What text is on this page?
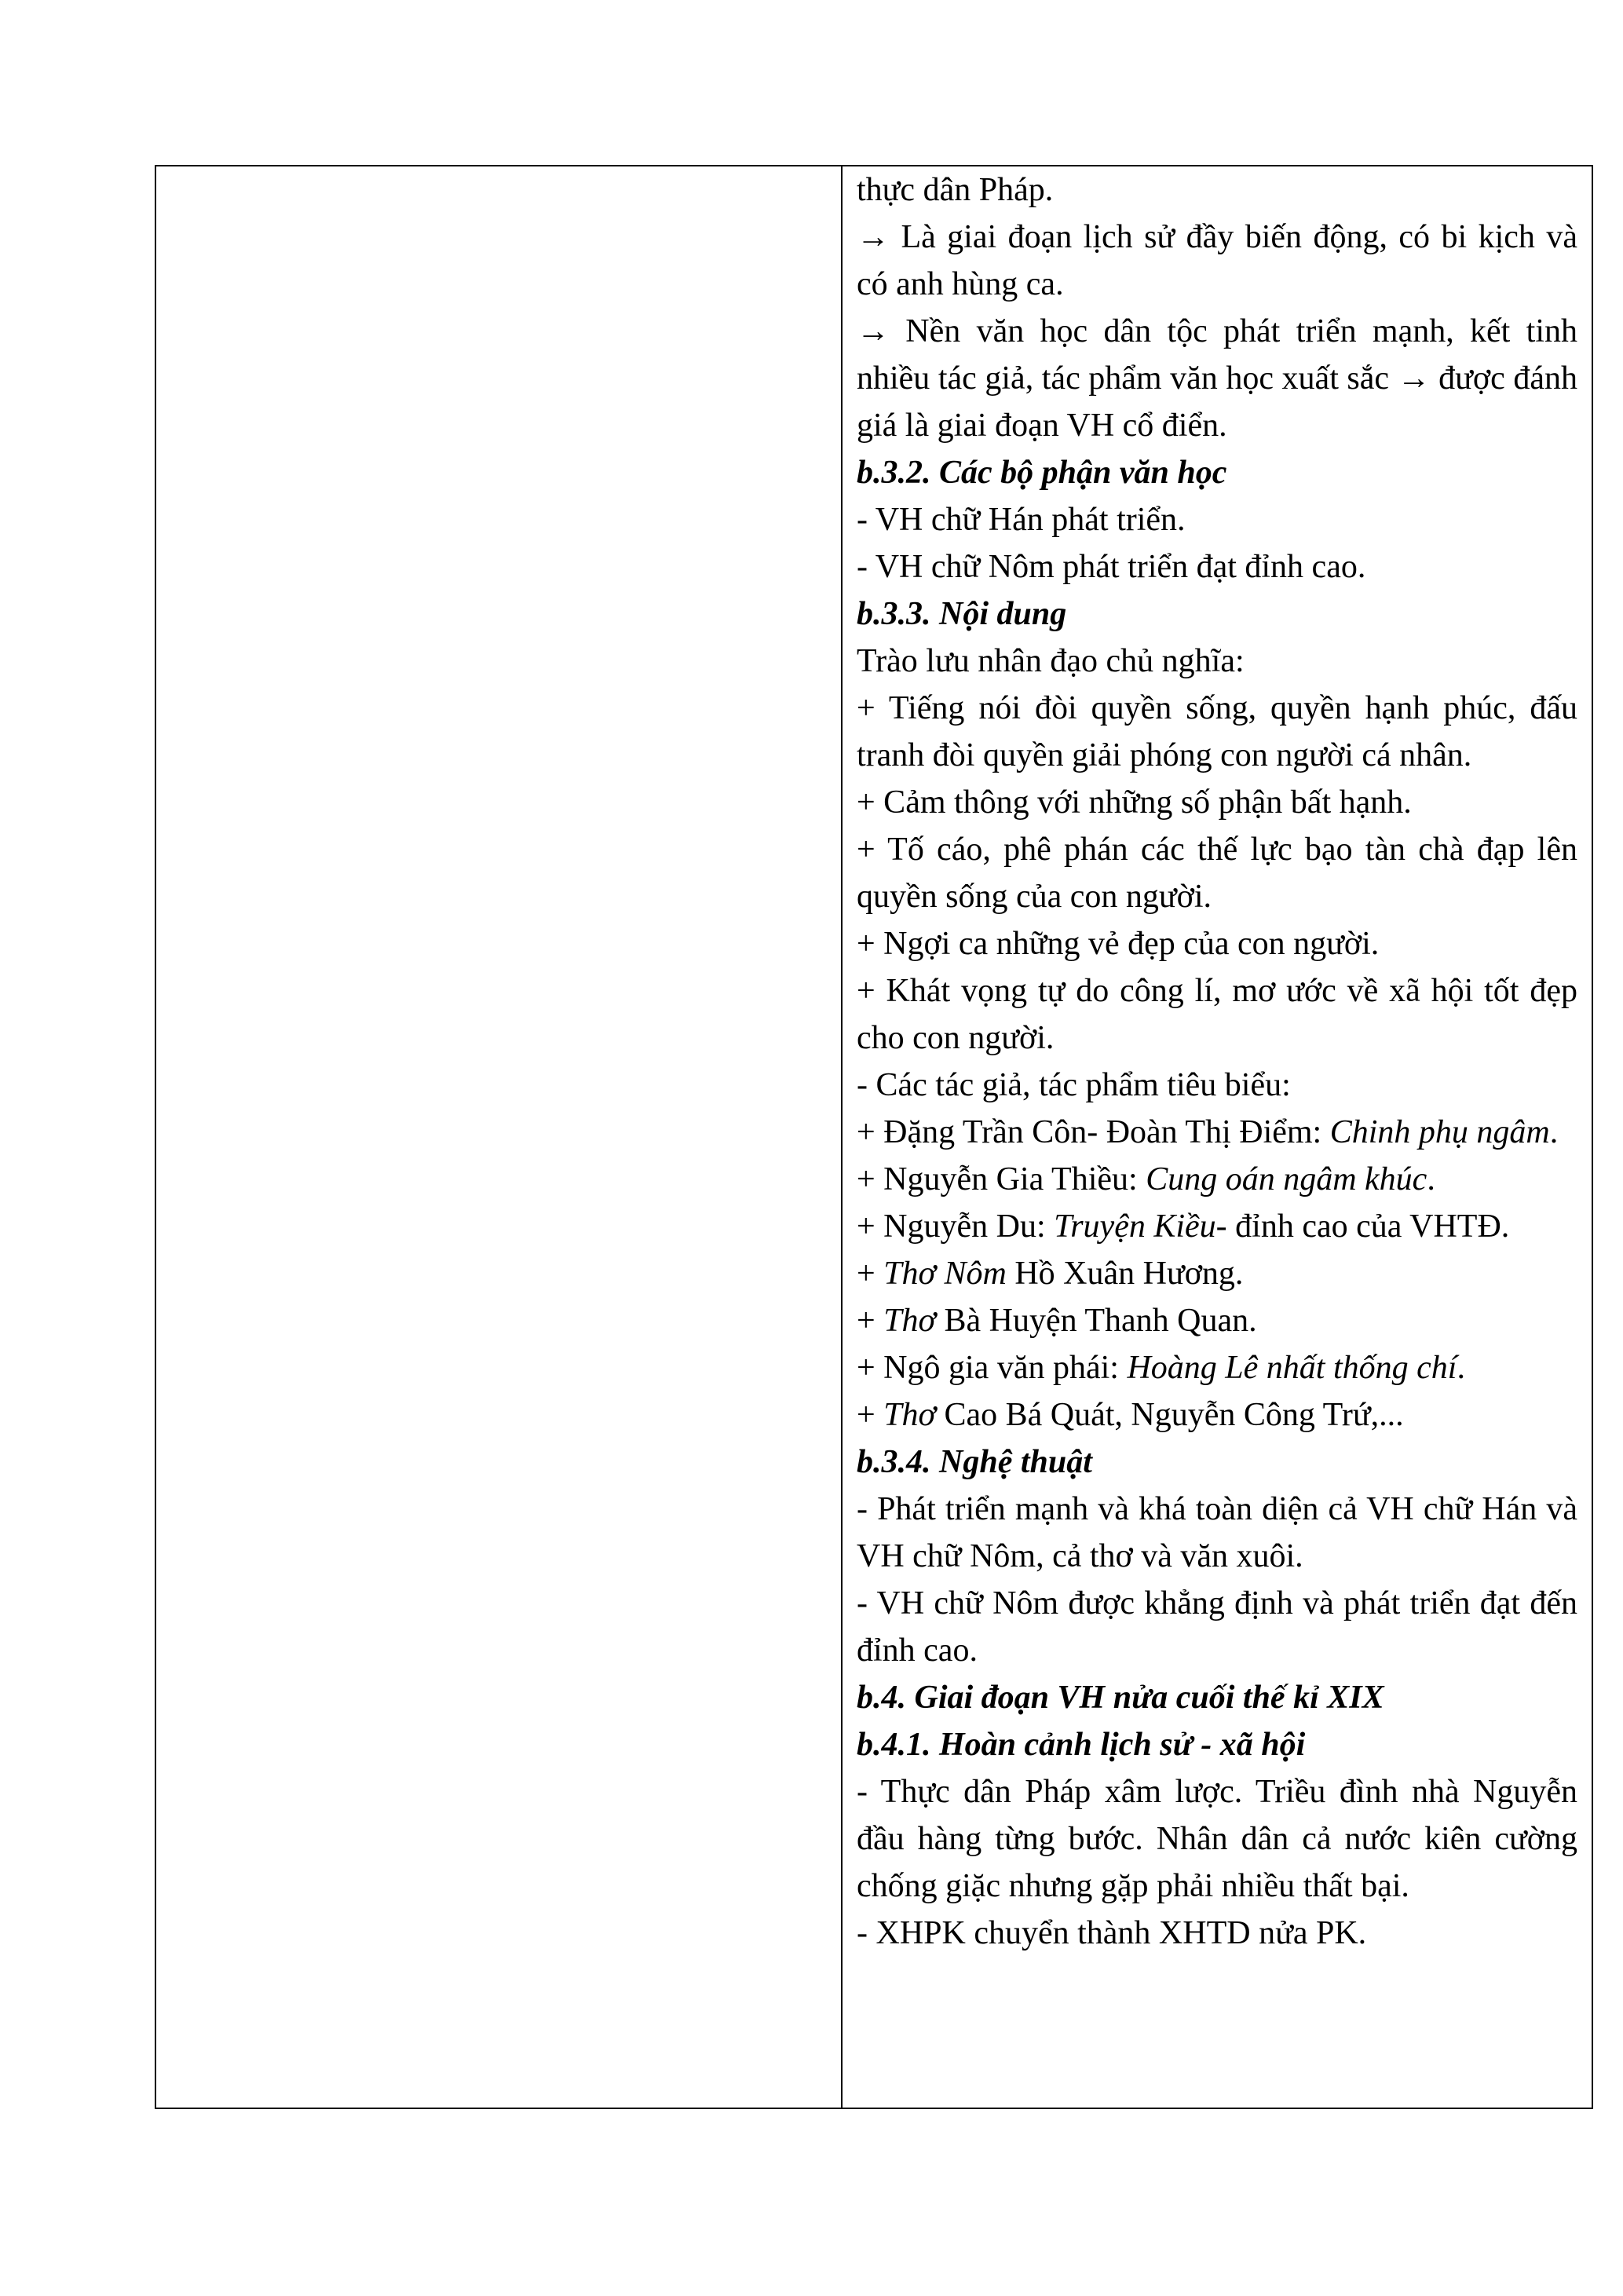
thực dân Pháp.

→ Là giai đoạn lịch sử đầy biến động, có bi kịch và có anh hùng ca.

→ Nền văn học dân tộc phát triển mạnh, kết tinh nhiều tác giả, tác phẩm văn học xuất sắc → được đánh giá là giai đoạn VH cổ điển.

b.3.2. Các bộ phận văn học

- VH chữ Hán phát triển.

- VH chữ Nôm phát triển đạt đỉnh cao.

b.3.3. Nội dung

Trào lưu nhân đạo chủ nghĩa:

+ Tiếng nói đòi quyền sống, quyền hạnh phúc, đấu tranh đòi quyền giải phóng con người cá nhân.

+ Cảm thông với những số phận bất hạnh.

+ Tố cáo, phê phán các thế lực bạo tàn chà đạp lên quyền sống của con người.

+ Ngợi ca những vẻ đẹp của con người.

+ Khát vọng tự do công lí, mơ ước về xã hội tốt đẹp cho con người.

- Các tác giả, tác phẩm tiêu biểu:

+ Đặng Trần Côn- Đoàn Thị Điểm: Chinh phụ ngâm.

+ Nguyễn Gia Thiều: Cung oán ngâm khúc.

+ Nguyễn Du: Truyện Kiều- đỉnh cao của VHTĐ.

+ Thơ Nôm Hồ Xuân Hương.

+ Thơ Bà Huyện Thanh Quan.

+ Ngô gia văn phái: Hoàng Lê nhất thống chí.

+ Thơ Cao Bá Quát, Nguyễn Công Trứ,...

b.3.4. Nghệ thuật

- Phát triển mạnh và khá toàn diện cả VH chữ Hán và VH chữ Nôm, cả thơ và văn xuôi.

- VH chữ Nôm được khẳng định và phát triển đạt đến đỉnh cao.

b.4. Giai đoạn VH nửa cuối thế kỉ XIX

b.4.1. Hoàn cảnh lịch sử - xã hội

- Thực dân Pháp xâm lược. Triều đình nhà Nguyễn đầu hàng từng bước. Nhân dân cả nước kiên cường chống giặc nhưng gặp phải nhiều thất bại.

- XHPK chuyển thành XHTD nửa PK.
